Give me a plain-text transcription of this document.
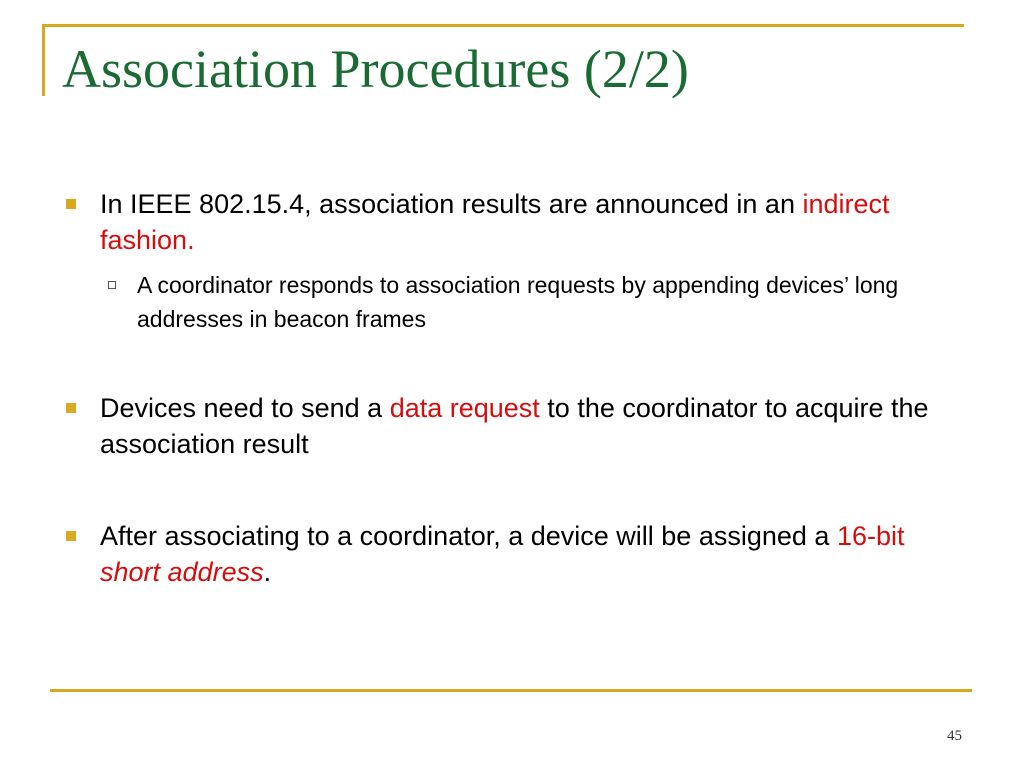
Association Procedures (2/2)
In IEEE 802.15.4, association results are announced in an indirect fashion.
A coordinator responds to association requests by appending devices’ long addresses in beacon frames
Devices need to send a data request to the coordinator to acquire the association result
After associating to a coordinator, a device will be assigned a 16-bit short address.
45
